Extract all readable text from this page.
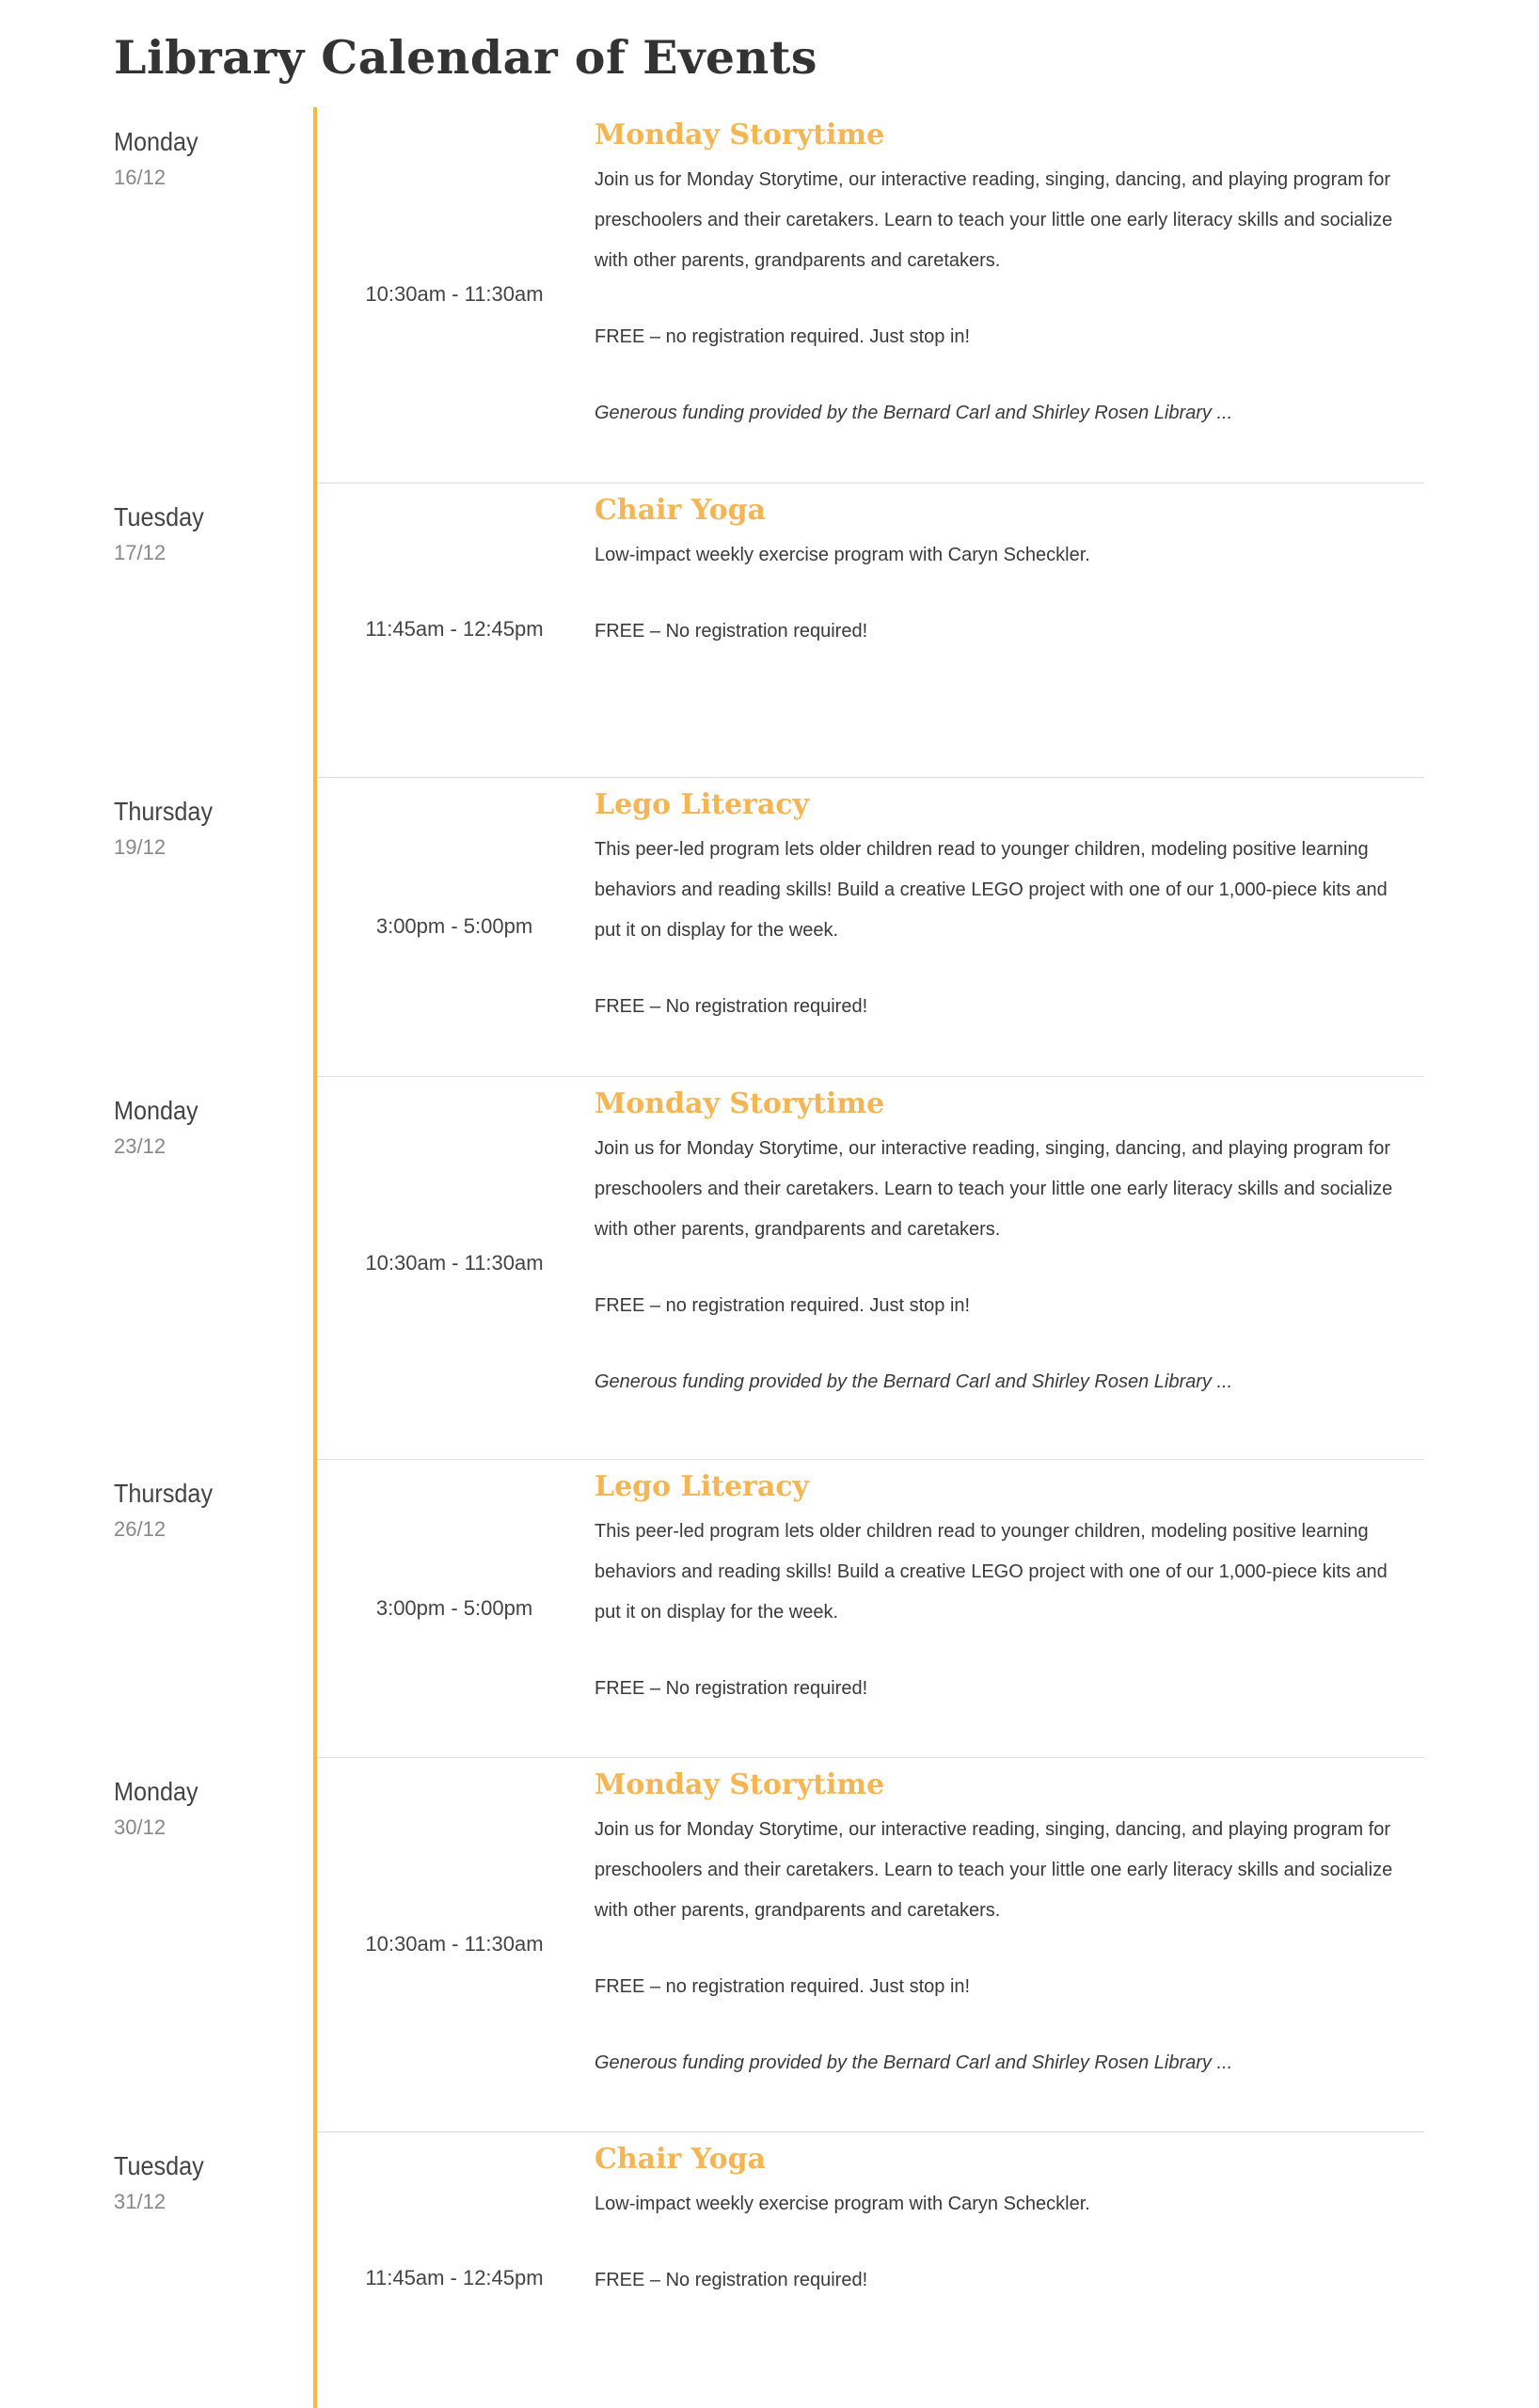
Library Calendar of Events
Monday
16/12
10:30am - 11:30am
Monday Storytime

Join us for Monday Storytime, our interactive reading, singing, dancing, and playing program for preschoolers and their caretakers. Learn to teach your little one early literacy skills and socialize with other parents, grandparents and caretakers.

FREE – no registration required. Just stop in!

Generous funding provided by the Bernard Carl and Shirley Rosen Library ...

Tuesday
17/12
11:45am - 12:45pm
Chair Yoga

Low-impact weekly exercise program with Caryn Scheckler.

FREE – No registration required!

Thursday
19/12
3:00pm - 5:00pm
Lego Literacy

This peer-led program lets older children read to younger children, modeling positive learning behaviors and reading skills! Build a creative LEGO project with one of our 1,000-piece kits and put it on display for the week.

FREE – No registration required!

Monday
23/12
10:30am - 11:30am
Monday Storytime

Join us for Monday Storytime, our interactive reading, singing, dancing, and playing program for preschoolers and their caretakers. Learn to teach your little one early literacy skills and socialize with other parents, grandparents and caretakers.

FREE – no registration required. Just stop in!

Generous funding provided by the Bernard Carl and Shirley Rosen Library ...

Thursday
26/12
3:00pm - 5:00pm
Lego Literacy

This peer-led program lets older children read to younger children, modeling positive learning behaviors and reading skills! Build a creative LEGO project with one of our 1,000-piece kits and put it on display for the week.

FREE – No registration required!

Monday
30/12
10:30am - 11:30am
Monday Storytime

Join us for Monday Storytime, our interactive reading, singing, dancing, and playing program for preschoolers and their caretakers. Learn to teach your little one early literacy skills and socialize with other parents, grandparents and caretakers.

FREE – no registration required. Just stop in!

Generous funding provided by the Bernard Carl and Shirley Rosen Library ...

Tuesday
31/12
11:45am - 12:45pm
Chair Yoga

Low-impact weekly exercise program with Caryn Scheckler.

FREE – No registration required!
